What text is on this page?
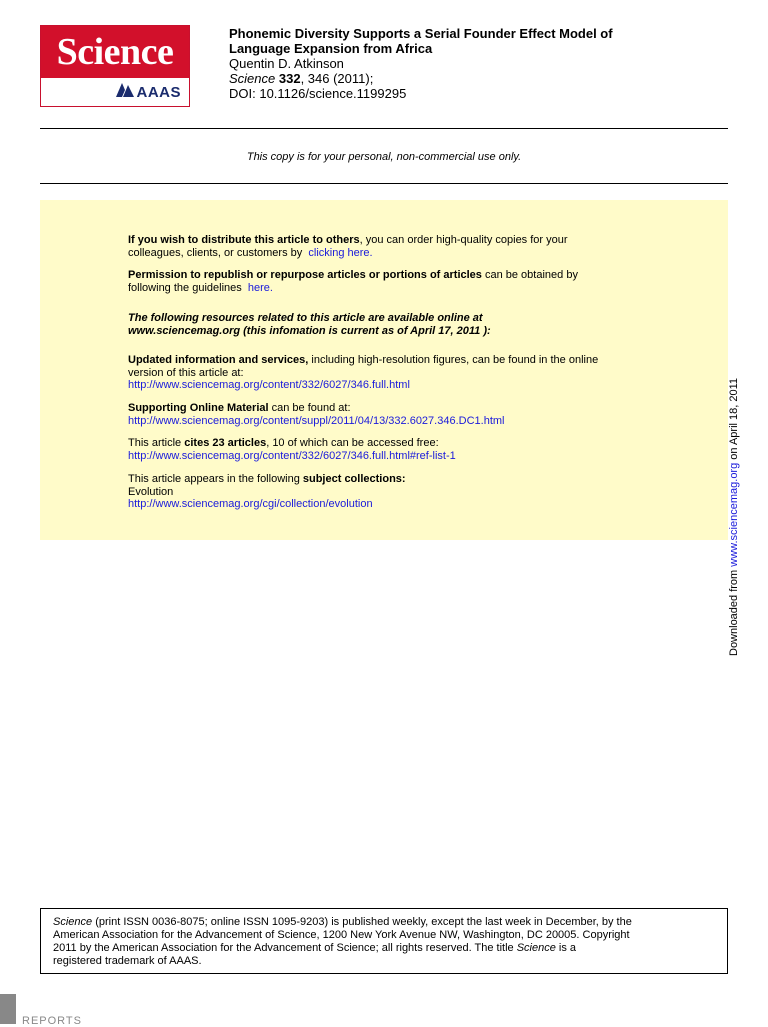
Science
AAAS
Phonemic Diversity Supports a Serial Founder Effect Model of
Language Expansion from Africa
Quentin D. Atkinson
Science 332, 346 (2011);
DOI: 10.1126/science.1199295
This copy is for your personal, non-commercial use only.
If you wish to distribute this article to others, you can order high-quality copies for your
colleagues, clients, or customers by clicking here.
Permission to republish or repurpose articles or portions of articles can be obtained by
following the guidelines here.
The following resources related to this article are available online at
www.sciencemag.org (this infomation is current as of April 17, 2011 ):
Updated information and services, including high-resolution figures, can be found in the online
version of this article at:
http://www.sciencemag.org/content/332/6027/346.full.html
Supporting Online Material can be found at:
http://www.sciencemag.org/content/suppl/2011/04/13/332.6027.346.DC1.html
This article cites 23 articles, 10 of which can be accessed free:
http://www.sciencemag.org/content/332/6027/346.full.html#ref-list-1
This article appears in the following subject collections:
Evolution
http://www.sciencemag.org/cgi/collection/evolution
Downloaded from www.sciencemag.org on April 18, 2011
Science (print ISSN 0036-8075; online ISSN 1095-9203) is published weekly, except the last week in December, by the
American Association for the Advancement of Science, 1200 New York Avenue NW, Washington, DC 20005. Copyright
2011 by the American Association for the Advancement of Science; all rights reserved. The title Science is a
registered trademark of AAAS.
REPORTS
